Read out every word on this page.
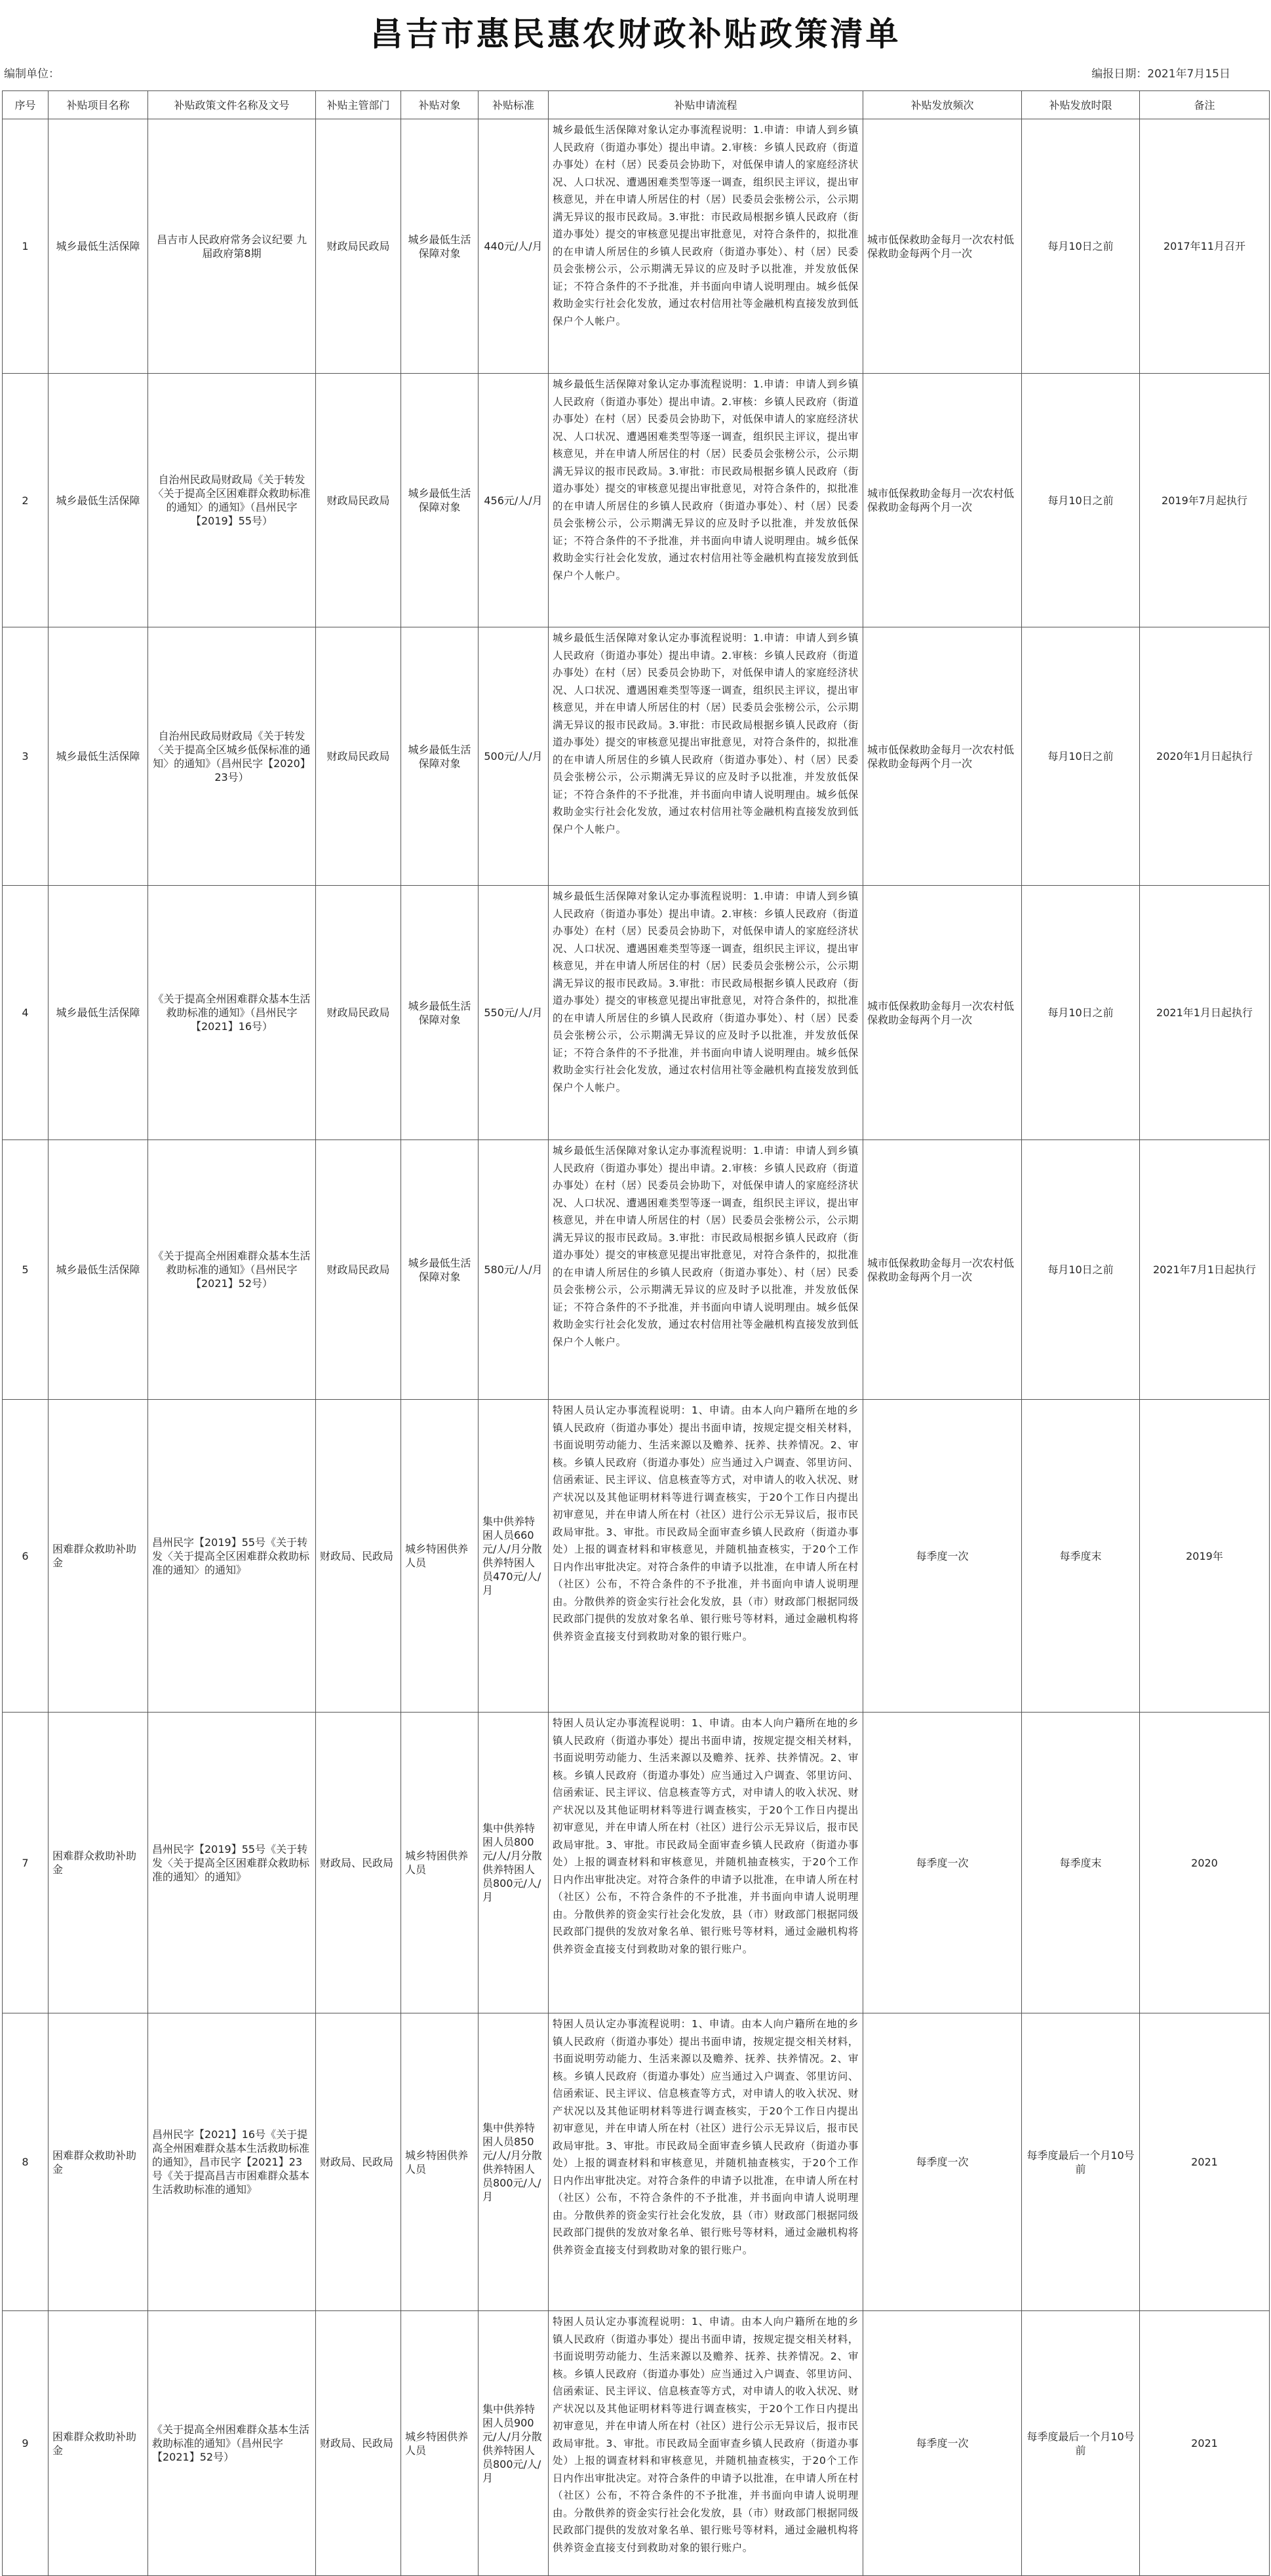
昌吉市惠民惠农财政补贴政策清单
编制单位：	编报日期：2021年7月15日
序号	补贴项目名称	补贴政策文件名称及文号	补贴主管部门	补贴对象	补贴标准	补贴申请流程	补贴发放频次	补贴发放时限	备注
1	城乡最低生活保障	昌吉市人民政府常务会议纪要 九届政府第8期	财政局民政局	城乡最低生活保障对象	440元/人/月	城乡最低生活保障对象认定办事流程说明：1.申请：申请人到乡镇人民政府（街道办事处）提出申请。2.审核：乡镇人民政府（街道办事处）在村（居）民委员会协助下，对低保申请人的家庭经济状况、人口状况、遭遇困难类型等逐一调查，组织民主评议，提出审核意见，并在申请人所居住的村（居）民委员会张榜公示，公示期满无异议的报市民政局。3.审批：市民政局根据乡镇人民政府（街道办事处）提交的审核意见提出审批意见，对符合条件的，拟批准的在申请人所居住的乡镇人民政府（街道办事处）、村（居）民委员会张榜公示，公示期满无异议的应及时予以批准，并发放低保证；不符合条件的不予批准，并书面向申请人说明理由。城乡低保救助金实行社会化发放，通过农村信用社等金融机构直接发放到低保户个人帐户。	城市低保救助金每月一次农村低保救助金每两个月一次	每月10日之前	2017年11月召开
2	城乡最低生活保障	自治州民政局财政局《关于转发〈关于提高全区困难群众救助标准的通知〉的通知》（昌州民字【2019】55号）	财政局民政局	城乡最低生活保障对象	456元/人/月	城乡最低生活保障对象认定办事流程说明：1.申请：申请人到乡镇人民政府（街道办事处）提出申请。2.审核：乡镇人民政府（街道办事处）在村（居）民委员会协助下，对低保申请人的家庭经济状况、人口状况、遭遇困难类型等逐一调查，组织民主评议，提出审核意见，并在申请人所居住的村（居）民委员会张榜公示，公示期满无异议的报市民政局。3.审批：市民政局根据乡镇人民政府（街道办事处）提交的审核意见提出审批意见，对符合条件的，拟批准的在申请人所居住的乡镇人民政府（街道办事处）、村（居）民委员会张榜公示，公示期满无异议的应及时予以批准，并发放低保证；不符合条件的不予批准，并书面向申请人说明理由。城乡低保救助金实行社会化发放，通过农村信用社等金融机构直接发放到低保户个人帐户。	城市低保救助金每月一次农村低保救助金每两个月一次	每月10日之前	2019年7月起执行
3	城乡最低生活保障	自治州民政局财政局《关于转发〈关于提高全区城乡低保标准的通知〉的通知》（昌州民字【2020】23号）	财政局民政局	城乡最低生活保障对象	500元/人/月	城乡最低生活保障对象认定办事流程说明：1.申请：申请人到乡镇人民政府（街道办事处）提出申请。2.审核：乡镇人民政府（街道办事处）在村（居）民委员会协助下，对低保申请人的家庭经济状况、人口状况、遭遇困难类型等逐一调查，组织民主评议，提出审核意见，并在申请人所居住的村（居）民委员会张榜公示，公示期满无异议的报市民政局。3.审批：市民政局根据乡镇人民政府（街道办事处）提交的审核意见提出审批意见，对符合条件的，拟批准的在申请人所居住的乡镇人民政府（街道办事处）、村（居）民委员会张榜公示，公示期满无异议的应及时予以批准，并发放低保证；不符合条件的不予批准，并书面向申请人说明理由。城乡低保救助金实行社会化发放，通过农村信用社等金融机构直接发放到低保户个人帐户。	城市低保救助金每月一次农村低保救助金每两个月一次	每月10日之前	2020年1月日起执行
4	城乡最低生活保障	《关于提高全州困难群众基本生活救助标准的通知》（昌州民字【2021】16号）	财政局民政局	城乡最低生活保障对象	550元/人/月	城乡最低生活保障对象认定办事流程说明：1.申请：申请人到乡镇人民政府（街道办事处）提出申请。2.审核：乡镇人民政府（街道办事处）在村（居）民委员会协助下，对低保申请人的家庭经济状况、人口状况、遭遇困难类型等逐一调查，组织民主评议，提出审核意见，并在申请人所居住的村（居）民委员会张榜公示，公示期满无异议的报市民政局。3.审批：市民政局根据乡镇人民政府（街道办事处）提交的审核意见提出审批意见，对符合条件的，拟批准的在申请人所居住的乡镇人民政府（街道办事处）、村（居）民委员会张榜公示，公示期满无异议的应及时予以批准，并发放低保证；不符合条件的不予批准，并书面向申请人说明理由。城乡低保救助金实行社会化发放，通过农村信用社等金融机构直接发放到低保户个人帐户。	城市低保救助金每月一次农村低保救助金每两个月一次	每月10日之前	2021年1月日起执行
5	城乡最低生活保障	《关于提高全州困难群众基本生活救助标准的通知》（昌州民字【2021】52号）	财政局民政局	城乡最低生活保障对象	580元/人/月	城乡最低生活保障对象认定办事流程说明：1.申请：申请人到乡镇人民政府（街道办事处）提出申请。2.审核：乡镇人民政府（街道办事处）在村（居）民委员会协助下，对低保申请人的家庭经济状况、人口状况、遭遇困难类型等逐一调查，组织民主评议，提出审核意见，并在申请人所居住的村（居）民委员会张榜公示，公示期满无异议的报市民政局。3.审批：市民政局根据乡镇人民政府（街道办事处）提交的审核意见提出审批意见，对符合条件的，拟批准的在申请人所居住的乡镇人民政府（街道办事处）、村（居）民委员会张榜公示，公示期满无异议的应及时予以批准，并发放低保证；不符合条件的不予批准，并书面向申请人说明理由。城乡低保救助金实行社会化发放，通过农村信用社等金融机构直接发放到低保户个人帐户。	城市低保救助金每月一次农村低保救助金每两个月一次	每月10日之前	2021年7月1日起执行
6	困难群众救助补助金	昌州民字【2019】55号《关于转发〈关于提高全区困难群众救助标准的通知〉的通知》	财政局、民政局	城乡特困供养人员	集中供养特困人员660元/人/月分散供养特困人员470元/人/月	特困人员认定办事流程说明：1、申请。由本人向户籍所在地的乡镇人民政府（街道办事处）提出书面申请，按规定提交相关材料，书面说明劳动能力、生活来源以及赡养、抚养、扶养情况。2、审核。乡镇人民政府（街道办事处）应当通过入户调查、邻里访问、信函索证、民主评议、信息核查等方式，对申请人的收入状况、财产状况以及其他证明材料等进行调查核实，于20个工作日内提出初审意见，并在申请人所在村（社区）进行公示无异议后，报市民政局审批。3、审批。市民政局全面审查乡镇人民政府（街道办事处）上报的调查材料和审核意见，并随机抽查核实，于20个工作日内作出审批决定。对符合条件的申请予以批准，在申请人所在村（社区）公布，不符合条件的不予批准，并书面向申请人说明理由。分散供养的资金实行社会化发放，县（市）财政部门根据同级民政部门提供的发放对象名单、银行账号等材料，通过金融机构将供养资金直接支付到救助对象的银行账户。	每季度一次	每季度末	2019年
7	困难群众救助补助金	昌州民字【2019】55号《关于转发〈关于提高全区困难群众救助标准的通知〉的通知》	财政局、民政局	城乡特困供养人员	集中供养特困人员800元/人/月分散供养特困人员800元/人/月	特困人员认定办事流程说明：1、申请。由本人向户籍所在地的乡镇人民政府（街道办事处）提出书面申请，按规定提交相关材料，书面说明劳动能力、生活来源以及赡养、抚养、扶养情况。2、审核。乡镇人民政府（街道办事处）应当通过入户调查、邻里访问、信函索证、民主评议、信息核查等方式，对申请人的收入状况、财产状况以及其他证明材料等进行调查核实，于20个工作日内提出初审意见，并在申请人所在村（社区）进行公示无异议后，报市民政局审批。3、审批。市民政局全面审查乡镇人民政府（街道办事处）上报的调查材料和审核意见，并随机抽查核实，于20个工作日内作出审批决定。对符合条件的申请予以批准，在申请人所在村（社区）公布，不符合条件的不予批准，并书面向申请人说明理由。分散供养的资金实行社会化发放，县（市）财政部门根据同级民政部门提供的发放对象名单、银行账号等材料，通过金融机构将供养资金直接支付到救助对象的银行账户。	每季度一次	每季度末	2020
8	困难群众救助补助金	昌州民字【2021】16号《关于提高全州困难群众基本生活救助标准的通知》，昌市民字【2021】23号《关于提高昌吉市困难群众基本生活救助标准的通知》	财政局、民政局	城乡特困供养人员	集中供养特困人员850元/人/月分散供养特困人员800元/人/月	特困人员认定办事流程说明：1、申请。由本人向户籍所在地的乡镇人民政府（街道办事处）提出书面申请，按规定提交相关材料，书面说明劳动能力、生活来源以及赡养、抚养、扶养情况。2、审核。乡镇人民政府（街道办事处）应当通过入户调查、邻里访问、信函索证、民主评议、信息核查等方式，对申请人的收入状况、财产状况以及其他证明材料等进行调查核实，于20个工作日内提出初审意见，并在申请人所在村（社区）进行公示无异议后，报市民政局审批。3、审批。市民政局全面审查乡镇人民政府（街道办事处）上报的调查材料和审核意见，并随机抽查核实，于20个工作日内作出审批决定。对符合条件的申请予以批准，在申请人所在村（社区）公布，不符合条件的不予批准，并书面向申请人说明理由。分散供养的资金实行社会化发放，县（市）财政部门根据同级民政部门提供的发放对象名单、银行账号等材料，通过金融机构将供养资金直接支付到救助对象的银行账户。	每季度一次	每季度最后一个月10号前	2021
9	困难群众救助补助金	《关于提高全州困难群众基本生活救助标准的通知》（昌州民字【2021】52号）	财政局、民政局	城乡特困供养人员	集中供养特困人员900元/人/月分散供养特困人员800元/人/月	特困人员认定办事流程说明：1、申请。由本人向户籍所在地的乡镇人民政府（街道办事处）提出书面申请，按规定提交相关材料，书面说明劳动能力、生活来源以及赡养、抚养、扶养情况。2、审核。乡镇人民政府（街道办事处）应当通过入户调查、邻里访问、信函索证、民主评议、信息核查等方式，对申请人的收入状况、财产状况以及其他证明材料等进行调查核实，于20个工作日内提出初审意见，并在申请人所在村（社区）进行公示无异议后，报市民政局审批。3、审批。市民政局全面审查乡镇人民政府（街道办事处）上报的调查材料和审核意见，并随机抽查核实，于20个工作日内作出审批决定。对符合条件的申请予以批准，在申请人所在村（社区）公布，不符合条件的不予批准，并书面向申请人说明理由。分散供养的资金实行社会化发放，县（市）财政部门根据同级民政部门提供的发放对象名单、银行账号等材料，通过金融机构将供养资金直接支付到救助对象的银行账户。	每季度一次	每季度最后一个月10号前	2021
